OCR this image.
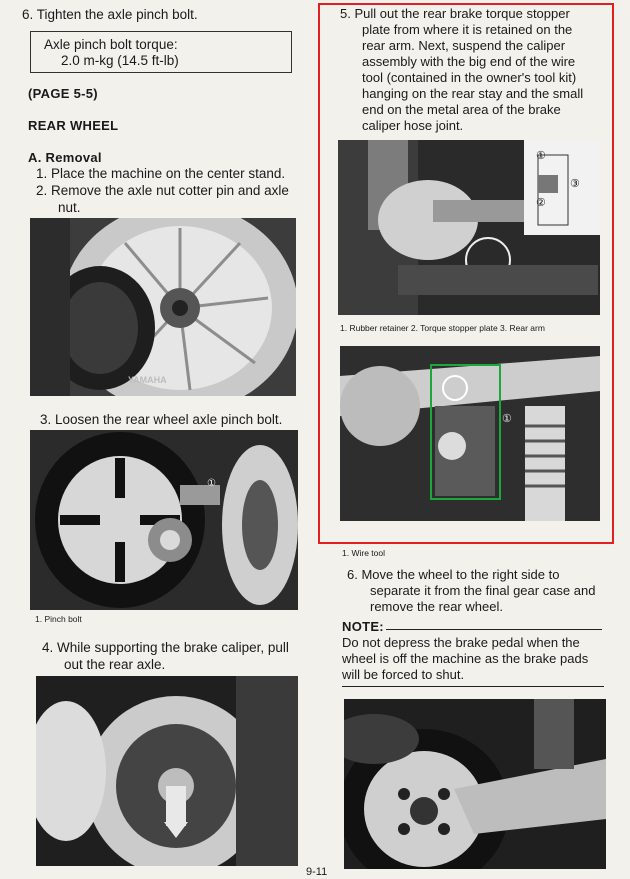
6. Tighten the axle pinch bolt.
Axle pinch bolt torque:
2.0 m-kg (14.5 ft-lb)
(PAGE 5-5)
REAR WHEEL
A. Removal
1. Place the machine on the center stand.
2. Remove the axle nut cotter pin and axle
nut.
YAMAHA
3. Loosen the rear wheel axle pinch bolt.
①
1. Pinch bolt
4. While supporting the brake caliper, pull
out the rear axle.
9-11
5. Pull out the rear brake torque stopper
plate from where it is retained on the
rear arm. Next, suspend the caliper
assembly with the big end of the wire
tool (contained in the owner's tool kit)
hanging on the rear stay and the small
end on the metal area of the brake
caliper hose joint.
①
②
③
1. Rubber retainer 2. Torque stopper plate 3. Rear arm
①
1. Wire tool
6. Move the wheel to the right side to
separate it from the final gear case and
remove the rear wheel.
NOTE:
Do not depress the brake pedal when the
wheel is off the machine as the brake pads
will be forced to shut.
